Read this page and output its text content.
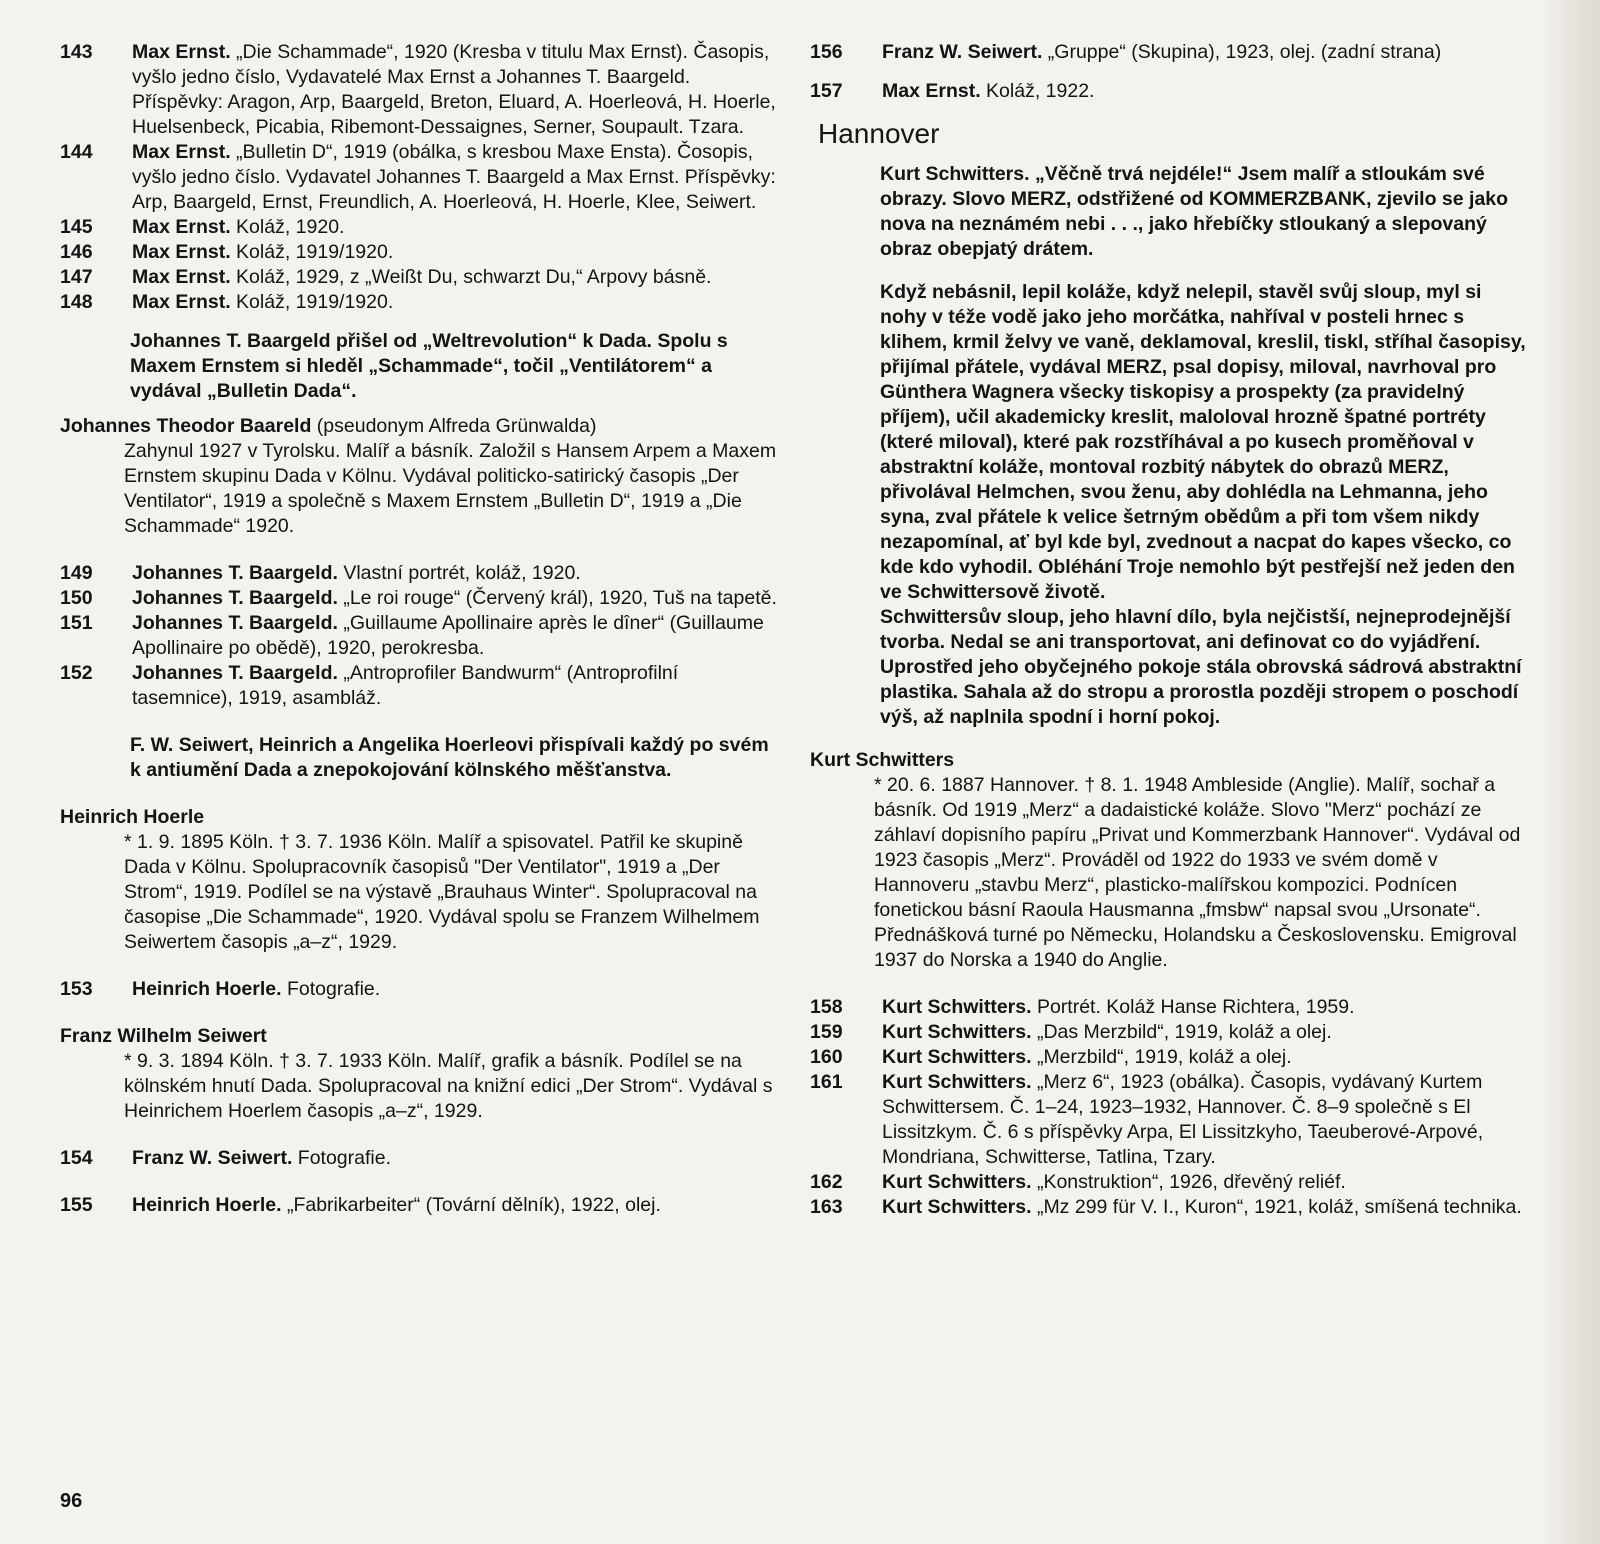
143	Max Ernst. „Die Schammade“, 1920 (Kresba v titulu Max Ernst). Časopis, vyšlo jedno číslo, Vydavatelé Max Ernst a Johannes T. Baargeld. Příspěvky: Aragon, Arp, Baargeld, Breton, Eluard, A. Hoerleová, H. Hoerle, Huelsenbeck, Picabia, Ribemont-Dessaignes, Serner, Soupault. Tzara.
144	Max Ernst. „Bulletin D“, 1919 (obálka, s kresbou Maxe Ensta). Čosopis, vyšlo jedno číslo. Vydavatel Johannes T. Baargeld a Max Ernst. Příspěvky: Arp, Baargeld, Ernst, Freundlich, A. Hoerleová, H. Hoerle, Klee, Seiwert.
145	Max Ernst. Koláž, 1920.
146	Max Ernst. Koláž, 1919/1920.
147	Max Ernst. Koláž, 1929, z „Weißt Du, schwarzt Du,“ Arpovy básně.
148	Max Ernst. Koláž, 1919/1920.
Johannes T. Baargeld přišel od „Weltrevolution“ k Dada. Spolu s Maxem Ernstem si hleděl „Schammade“, točil „Ventilátorem“ a vydával „Bulletin Dada“.
Johannes Theodor Baareld (pseudonym Alfreda Grünwalda)
Zahynul 1927 v Tyrolsku. Malíř a básník. Založil s Hansem Arpem a Maxem Ernstem skupinu Dada v Kölnu. Vydával politicko-satirický časopis „Der Ventilator“, 1919 a společně s Maxem Ernstem „Bulletin D“, 1919 a „Die Schammade“ 1920.
149	Johannes T. Baargeld. Vlastní portrét, koláž, 1920.
150	Johannes T. Baargeld. „Le roi rouge“ (Červený král), 1920, Tuš na tapetě.
151	Johannes T. Baargeld. „Guillaume Apollinaire après le dîner“ (Guillaume Apollinaire po obědě), 1920, perokresba.
152	Johannes T. Baargeld. „Antroprofiler Bandwurm“ (Antroprofilní tasemnice), 1919, asambláž.
F. W. Seiwert, Heinrich a Angelika Hoerleovi přispívali každý po svém k antiumění Dada a znepokojování kölnského měšťanstva.
Heinrich Hoerle
* 1. 9. 1895 Köln. † 3. 7. 1936 Köln. Malíř a spisovatel. Patřil ke skupině Dada v Kölnu. Spolupracovník časopisů "Der Ventilator", 1919 a „Der Strom“, 1919. Podílel se na výstavě „Brauhaus Winter“. Spolupracoval na časopise „Die Schammade“, 1920. Vydával spolu se Franzem Wilhelmem Seiwertem časopis „a–z“, 1929.
153	Heinrich Hoerle. Fotografie.
Franz Wilhelm Seiwert
* 9. 3. 1894 Köln. † 3. 7. 1933 Köln. Malíř, grafik a básník. Podílel se na kölnském hnutí Dada. Spolupracoval na knižní edici „Der Strom“. Vydával s Heinrichem Hoerlem časopis „a–z“, 1929.
154	Franz W. Seiwert. Fotografie.
155	Heinrich Hoerle. „Fabrikarbeiter“ (Tovární dělník), 1922, olej.
156	Franz W. Seiwert. „Gruppe“ (Skupina), 1923, olej. (zadní strana)
157	Max Ernst. Koláž, 1922.
Hannover
Kurt Schwitters. „Věčně trvá nejdéle!“ Jsem malíř a stloukám své obrazy. Slovo MERZ, odstřižené od KOMMERZBANK, zjevilo se jako nova na neznámém nebi . . ., jako hřebíčky stloukaný a slepovaný obraz obepjatý drátem.
Když nebásnil, lepil koláže, když nelepil, stavěl svůj sloup, myl si nohy v téže vodě jako jeho morčátka, nahříval v posteli hrnec s klihem, krmil želvy ve vaně, deklamoval, kreslil, tiskl, stříhal časopisy, přijímal přátele, vydával MERZ, psal dopisy, miloval, navrhoval pro Günthera Wagnera všecky tiskopisy a prospekty (za pravidelný příjem), učil akademicky kreslit, maloloval hrozně špatné portréty (které miloval), které pak rozstříhával a po kusech proměňoval v abstraktní koláže, montoval rozbitý nábytek do obrazů MERZ, přivolával Helmchen, svou ženu, aby dohlédla na Lehmanna, jeho syna, zval přátele k velice šetrným obědům a při tom všem nikdy nezapomínal, ať byl kde byl, zvednout a nacpat do kapes všecko, co kde kdo vyhodil. Obléhání Troje nemohlo být pestřejší než jeden den ve Schwittersově životě.
Schwittersův sloup, jeho hlavní dílo, byla nejčistší, nejneprodejnější tvorba. Nedal se ani transportovat, ani definovat co do vyjádření. Uprostřed jeho obyčejného pokoje stála obrovská sádrová abstraktní plastika. Sahala až do stropu a prorostla později stropem o poschodí výš, až naplnila spodní i horní pokoj.
Kurt Schwitters
* 20. 6. 1887 Hannover. † 8. 1. 1948 Ambleside (Anglie). Malíř, sochař a básník. Od 1919 „Merz“ a dadaistické koláže. Slovo "Merz“ pochází ze záhlaví dopisního papíru „Privat und Kommerzbank Hannover“. Vydával od 1923 časopis „Merz“. Prováděl od 1922 do 1933 ve svém domě v Hannoveru „stavbu Merz“, plasticko-malířskou kompozici. Podnícen fonetickou básní Raoula Hausmanna „fmsbw“ napsal svou „Ursonate“. Přednášková turné po Německu, Holandsku a Československu. Emigroval 1937 do Norska a 1940 do Anglie.
158	Kurt Schwitters. Portrét. Koláž Hanse Richtera, 1959.
159	Kurt Schwitters. „Das Merzbild“, 1919, koláž a olej.
160	Kurt Schwitters. „Merzbild“, 1919, koláž a olej.
161	Kurt Schwitters. „Merz 6“, 1923 (obálka). Časopis, vydávaný Kurtem Schwittersem. Č. 1–24, 1923–1932, Hannover. Č. 8–9 společně s El Lissitzkym. Č. 6 s příspěvky Arpa, El Lissitzkyho, Taeuberové-Arpové, Mondriana, Schwitterse, Tatlina, Tzary.
162	Kurt Schwitters. „Konstruktion“, 1926, dřevěný reliéf.
163	Kurt Schwitters. „Mz 299 für V. I., Kuron“, 1921, koláž, smíšená technika.
96
